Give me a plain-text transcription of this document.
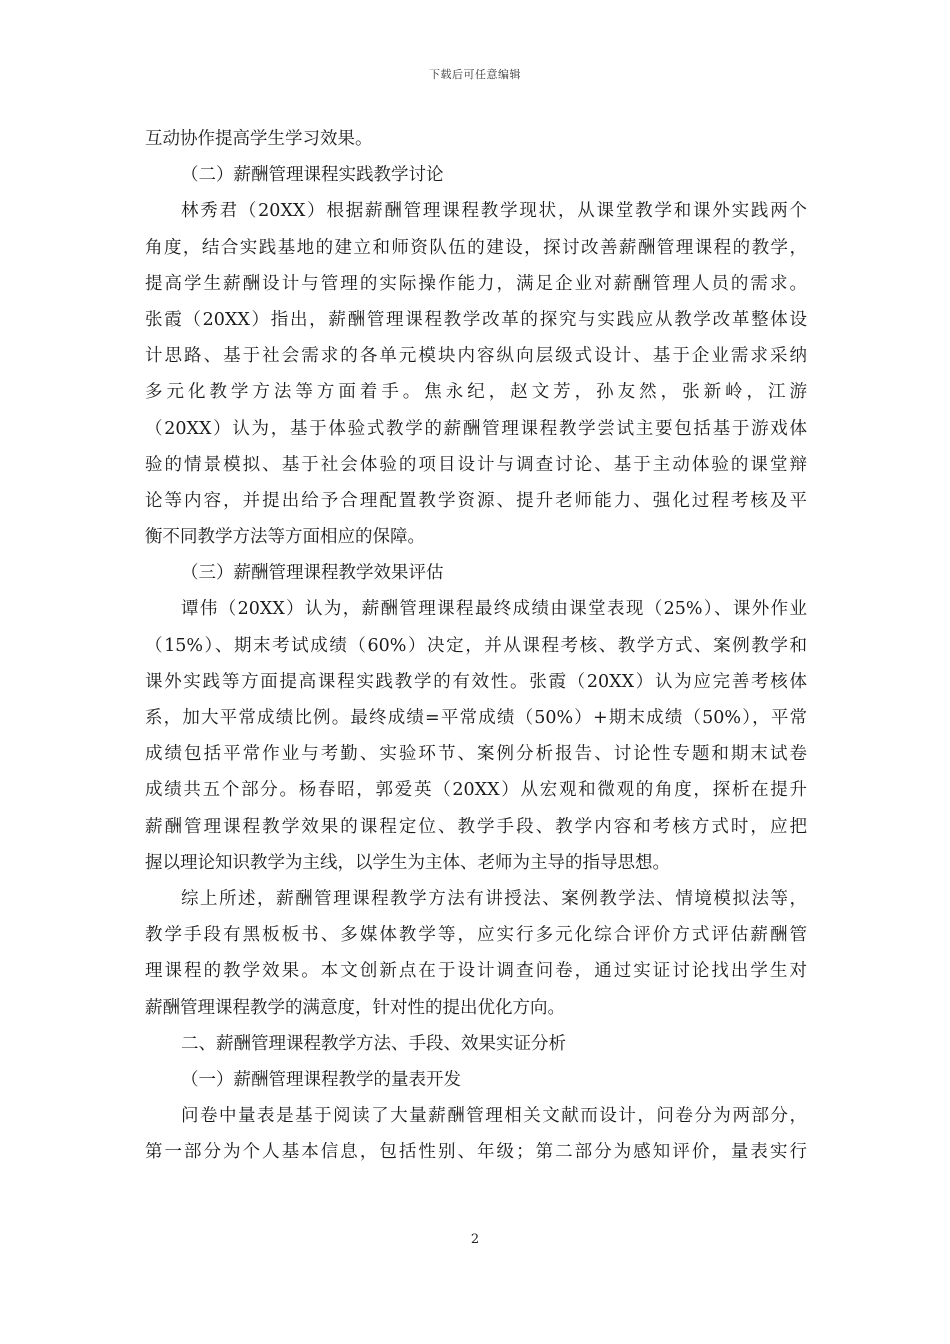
下载后可任意编辑
互动协作提高学生学习效果。
（二）薪酬管理课程实践教学讨论
林秀君（20XX）根据薪酬管理课程教学现状，从课堂教学和课外实践两个
角度，结合实践基地的建立和师资队伍的建设，探讨改善薪酬管理课程的教学，
提高学生薪酬设计与管理的实际操作能力，满足企业对薪酬管理人员的需求。
张霞（20XX）指出，薪酬管理课程教学改革的探究与实践应从教学改革整体设
计思路、基于社会需求的各单元模块内容纵向层级式设计、基于企业需求采纳
多元化教学方法等方面着手。焦永纪，赵文芳，孙友然，张新岭，江游
（20XX）认为，基于体验式教学的薪酬管理课程教学尝试主要包括基于游戏体
验的情景模拟、基于社会体验的项目设计与调查讨论、基于主动体验的课堂辩
论等内容，并提出给予合理配置教学资源、提升老师能力、强化过程考核及平
衡不同教学方法等方面相应的保障。
（三）薪酬管理课程教学效果评估
谭伟（20XX）认为，薪酬管理课程最终成绩由课堂表现（25%）、课外作业
（15%）、期末考试成绩（60%）决定，并从课程考核、教学方式、案例教学和
课外实践等方面提高课程实践教学的有效性。张霞（20XX）认为应完善考核体
系，加大平常成绩比例。最终成绩=平常成绩（50%）+期末成绩（50%），平常
成绩包括平常作业与考勤、实验环节、案例分析报告、讨论性专题和期末试卷
成绩共五个部分。杨春昭，郭爱英（20XX）从宏观和微观的角度，探析在提升
薪酬管理课程教学效果的课程定位、教学手段、教学内容和考核方式时，应把
握以理论知识教学为主线，以学生为主体、老师为主导的指导思想。
综上所述，薪酬管理课程教学方法有讲授法、案例教学法、情境模拟法等，
教学手段有黑板板书、多媒体教学等，应实行多元化综合评价方式评估薪酬管
理课程的教学效果。本文创新点在于设计调查问卷，通过实证讨论找出学生对
薪酬管理课程教学的满意度，针对性的提出优化方向。
二、薪酬管理课程教学方法、手段、效果实证分析
（一）薪酬管理课程教学的量表开发
问卷中量表是基于阅读了大量薪酬管理相关文献而设计，问卷分为两部分，
第一部分为个人基本信息，包括性别、年级；第二部分为感知评价，量表实行
2
